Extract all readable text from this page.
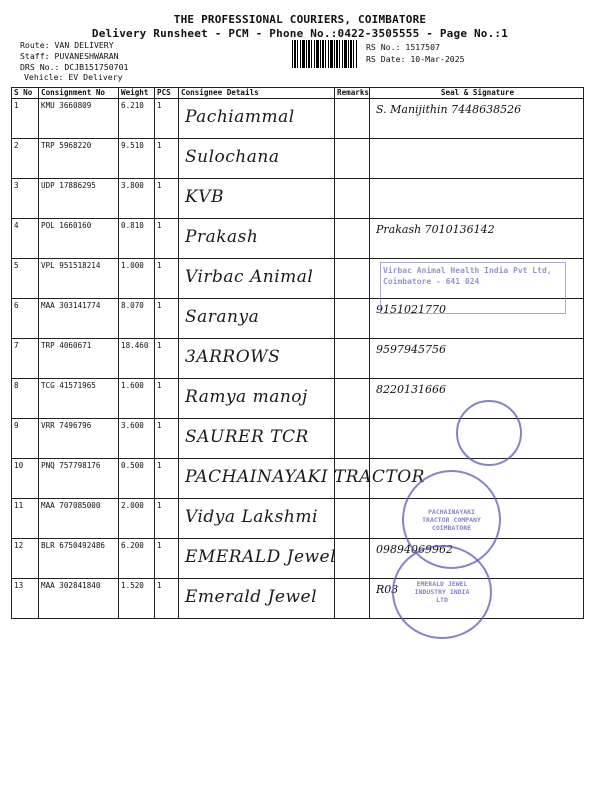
THE PROFESSIONAL COURIERS, COIMBATORE
Delivery Runsheet - PCM - Phone No.:0422-3505555 - Page No.:1
Route: VAN DELIVERY
Staff: PUVANESHWARAN
DRS No.: DCJB151750701
Vehicle: EV Delivery
RS No.: 1517507
RS Date: 10-Mar-2025
S No	Consignment No	Weight	PCS	Consignee Details	Remarks	Seal & Signature

1	KMU 3660809	6.210	1	Pachiammal		S. Manijithin 7448638526

2	TRP 5968220	9.510	1	Sulochana		

3	UDP 17886295	3.800	1	KVB		

4	POL 1660160	0.810	1	Prakash		Prakash 7010136142

5	VPL 951518214	1.000	1	Virbac Animal		

6	MAA 303141774	8.070	1	Saranya		9151021770

7	TRP 4060671	18.460	1	3ARROWS		9597945756

8	TCG 41571965	1.600	1	Ramya manoj		8220131666

9	VRR 7496796	3.600	1	SAURER TCR		

10	PNQ 757798176	0.500	1	PACHAINAYAKI TRACTOR		

11	MAA 707085000	2.000	1	Vidya Lakshmi		

12	BLR 6750492486	6.200	1	EMERALD Jewel		09894069962

13	MAA 302841840	1.520	1	Emerald Jewel		R03
Virbac Animal Health India Pvt Ltd, Coimbatore - 641 024
PACHAINAYAKI TRACTOR COMPANY COIMBATORE
EMERALD JEWEL INDUSTRY INDIA LTD
